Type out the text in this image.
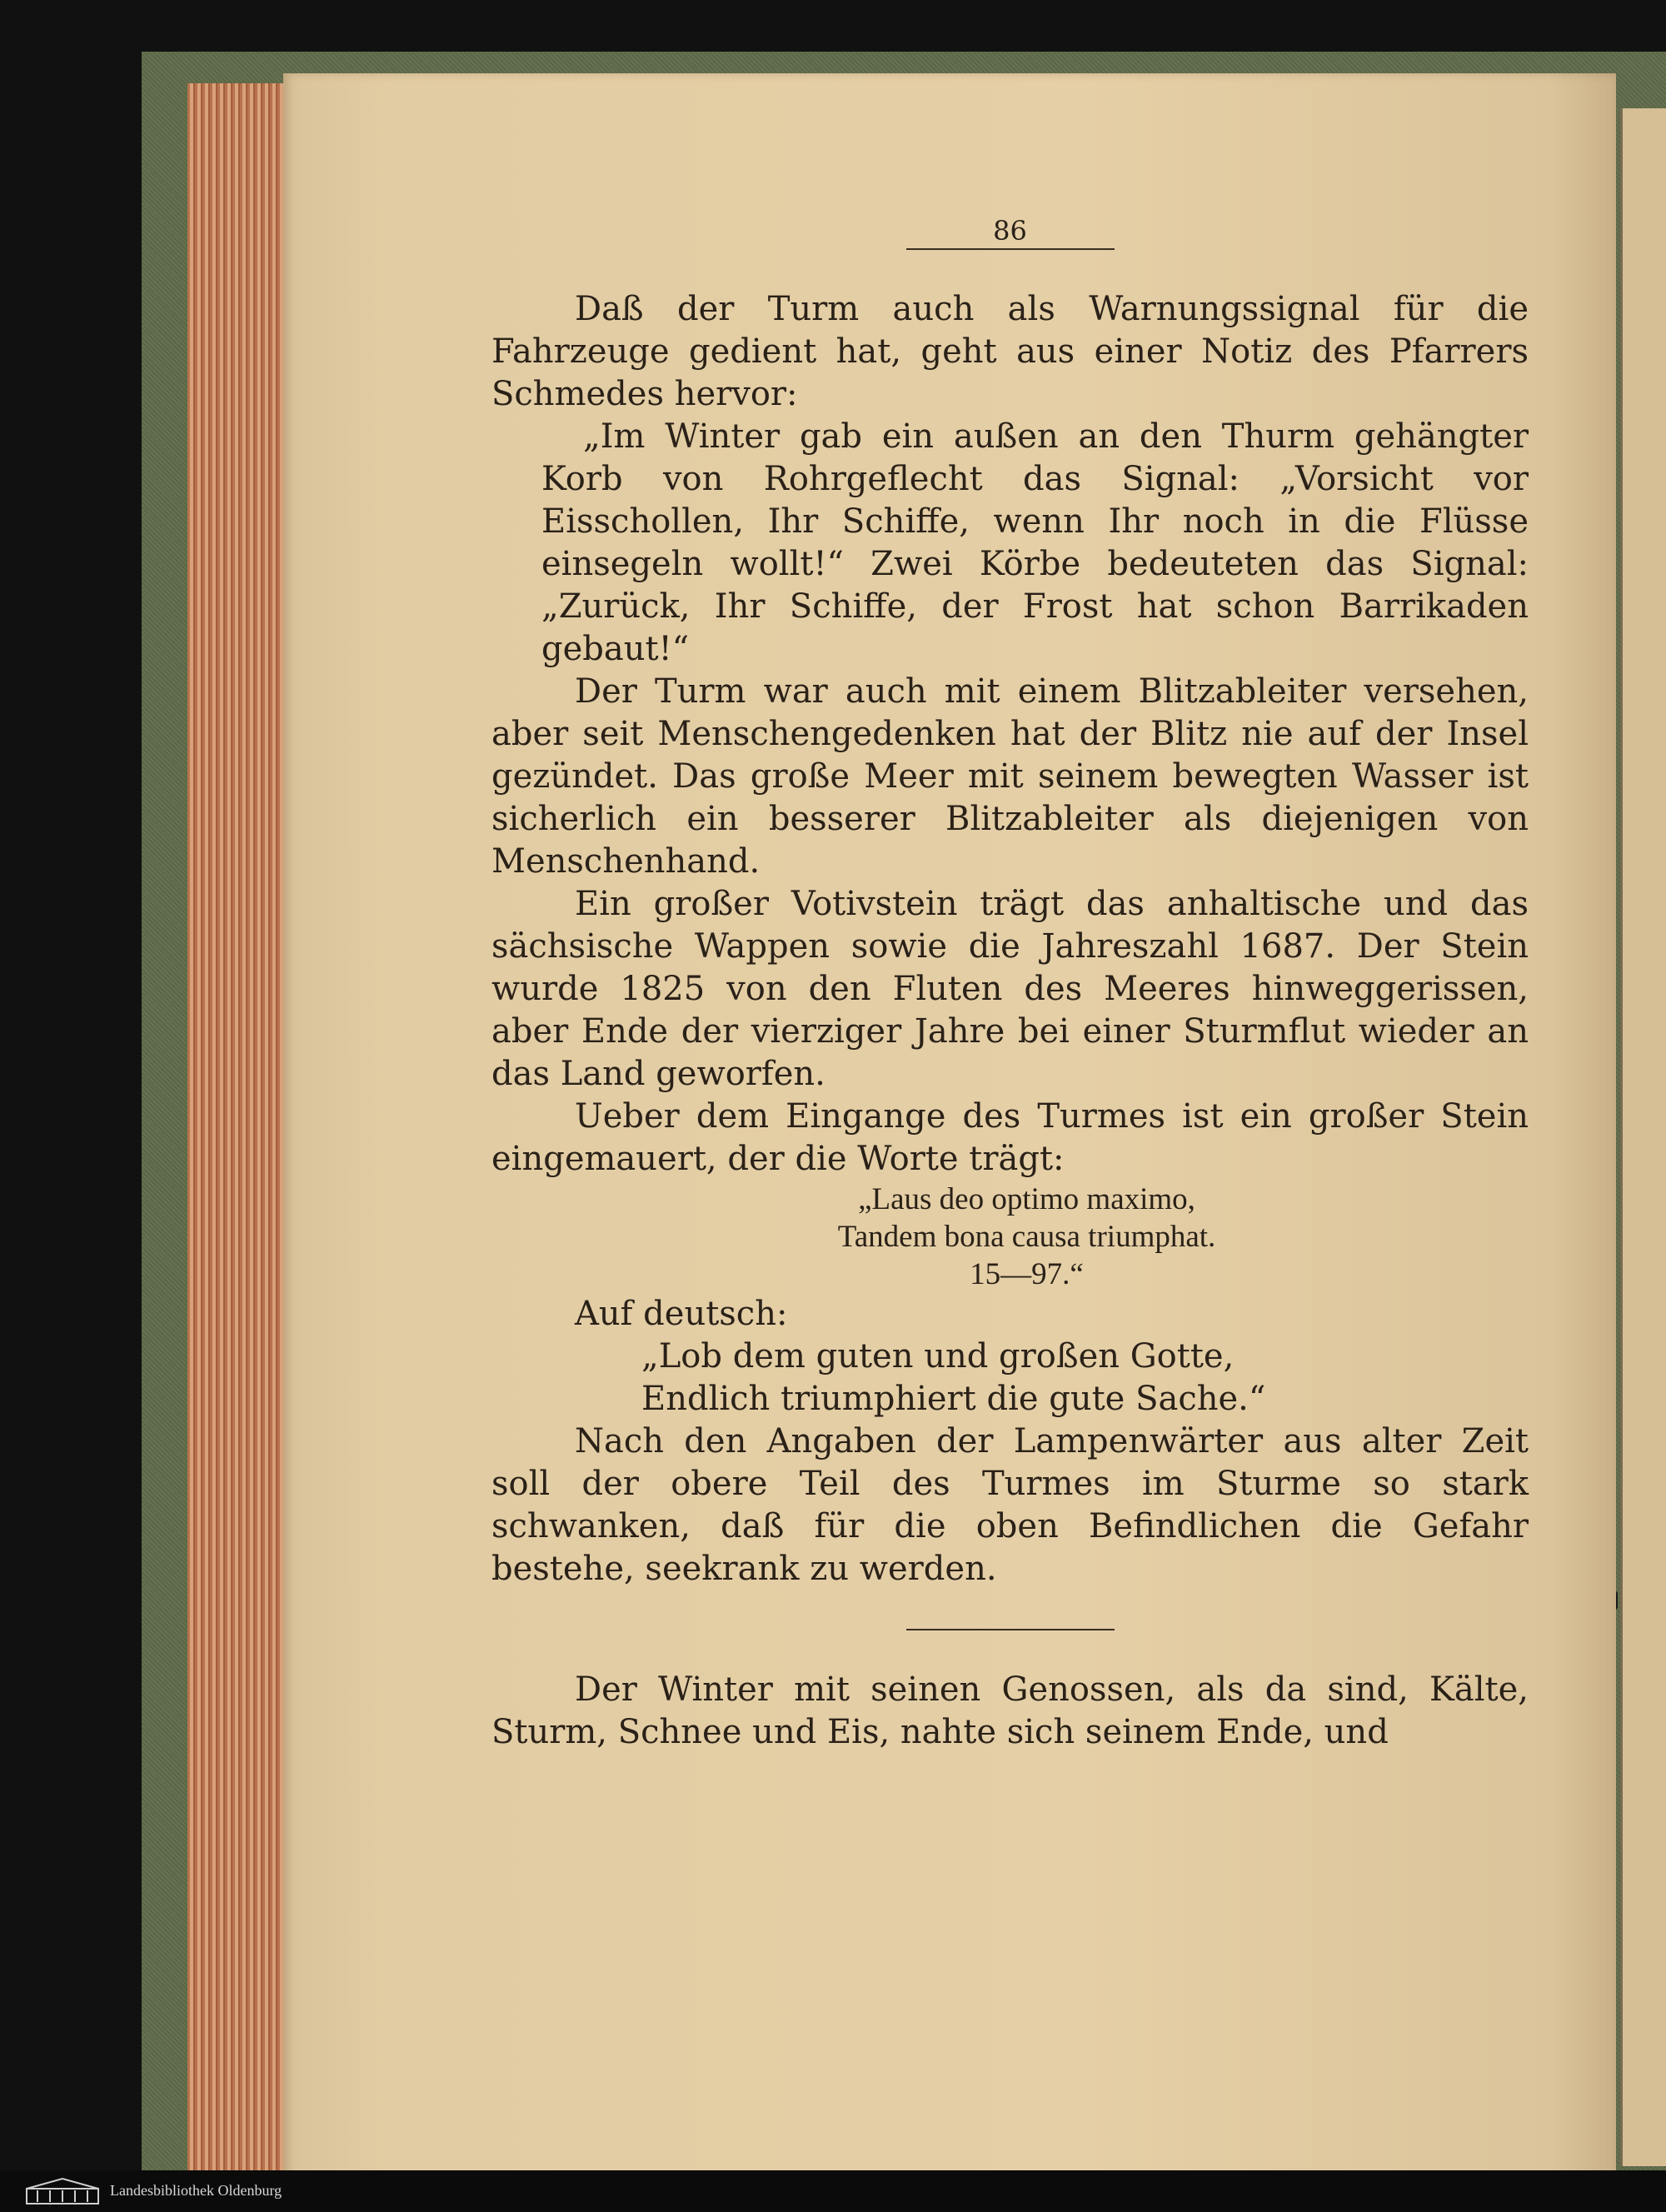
86

Daß der Turm auch als Warnungssignal für die Fahrzeuge gedient hat, geht aus einer Notiz des Pfarrers Schmedes hervor:

„Im Winter gab ein außen an den Thurm gehängter Korb von Rohrgeflecht das Signal: „Vorsicht vor Eisschollen, Ihr Schiffe, wenn Ihr noch in die Flüsse einsegeln wollt!“ Zwei Körbe bedeuteten das Signal: „Zurück, Ihr Schiffe, der Frost hat schon Barrikaden gebaut!“

Der Turm war auch mit einem Blitzableiter versehen, aber seit Menschengedenken hat der Blitz nie auf der Insel gezündet. Das große Meer mit seinem bewegten Wasser ist sicherlich ein besserer Blitzableiter als diejenigen von Menschenhand.

Ein großer Votivstein trägt das anhaltische und das sächsische Wappen sowie die Jahreszahl 1687. Der Stein wurde 1825 von den Fluten des Meeres hinweggerissen, aber Ende der vierziger Jahre bei einer Sturmflut wieder an das Land geworfen.

Ueber dem Eingange des Turmes ist ein großer Stein eingemauert, der die Worte trägt:

„Laus deo optimo maximo,

Tandem bona causa triumphat.

15—97.“

Auf deutsch:

„Lob dem guten und großen Gotte,

Endlich triumphiert die gute Sache.“

Nach den Angaben der Lampenwärter aus alter Zeit soll der obere Teil des Turmes im Sturme so stark schwanken, daß für die oben Befindlichen die Gefahr bestehe, seekrank zu werden.

Der Winter mit seinen Genossen, als da sind, Kälte, Sturm, Schnee und Eis, nahte sich seinem Ende, und

Landesbibliothek Oldenburg
